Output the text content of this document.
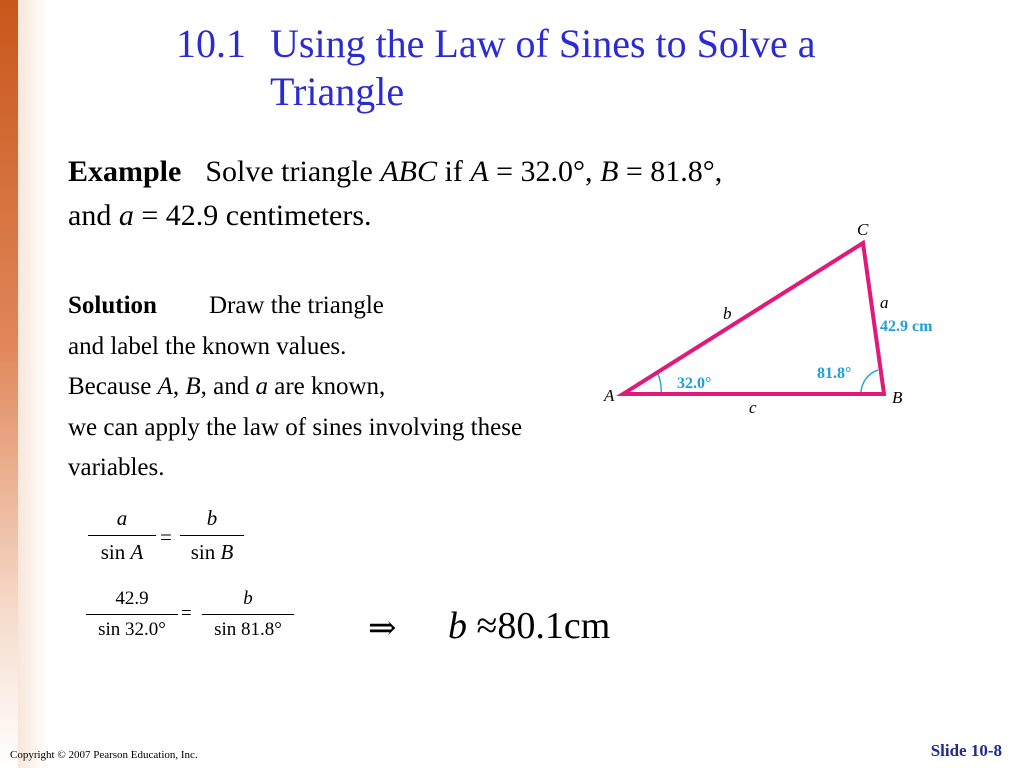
10.1 Using the Law of Sines to Solve a Triangle
Example Solve triangle ABC if A = 32.0°, B = 81.8°,
and a = 42.9 centimeters.
Solution Draw the triangle
and label the known values.
Because A, B, and a are known,
we can apply the law of sines involving these
variables.
C
A	B
b
a
c
42.9 cm
32.0°
81.8°
$\frac{a}{\text{sin A}} = \frac{b}{\text{sin B}}$
$\frac{42.9}{\sin 32.0^\circ} = \frac{b}{\sin 81.8^\circ}$ ⇒ b ≈80.1cm
Copyright © 2007 Pearson Education, Inc.	Slide 10-8
